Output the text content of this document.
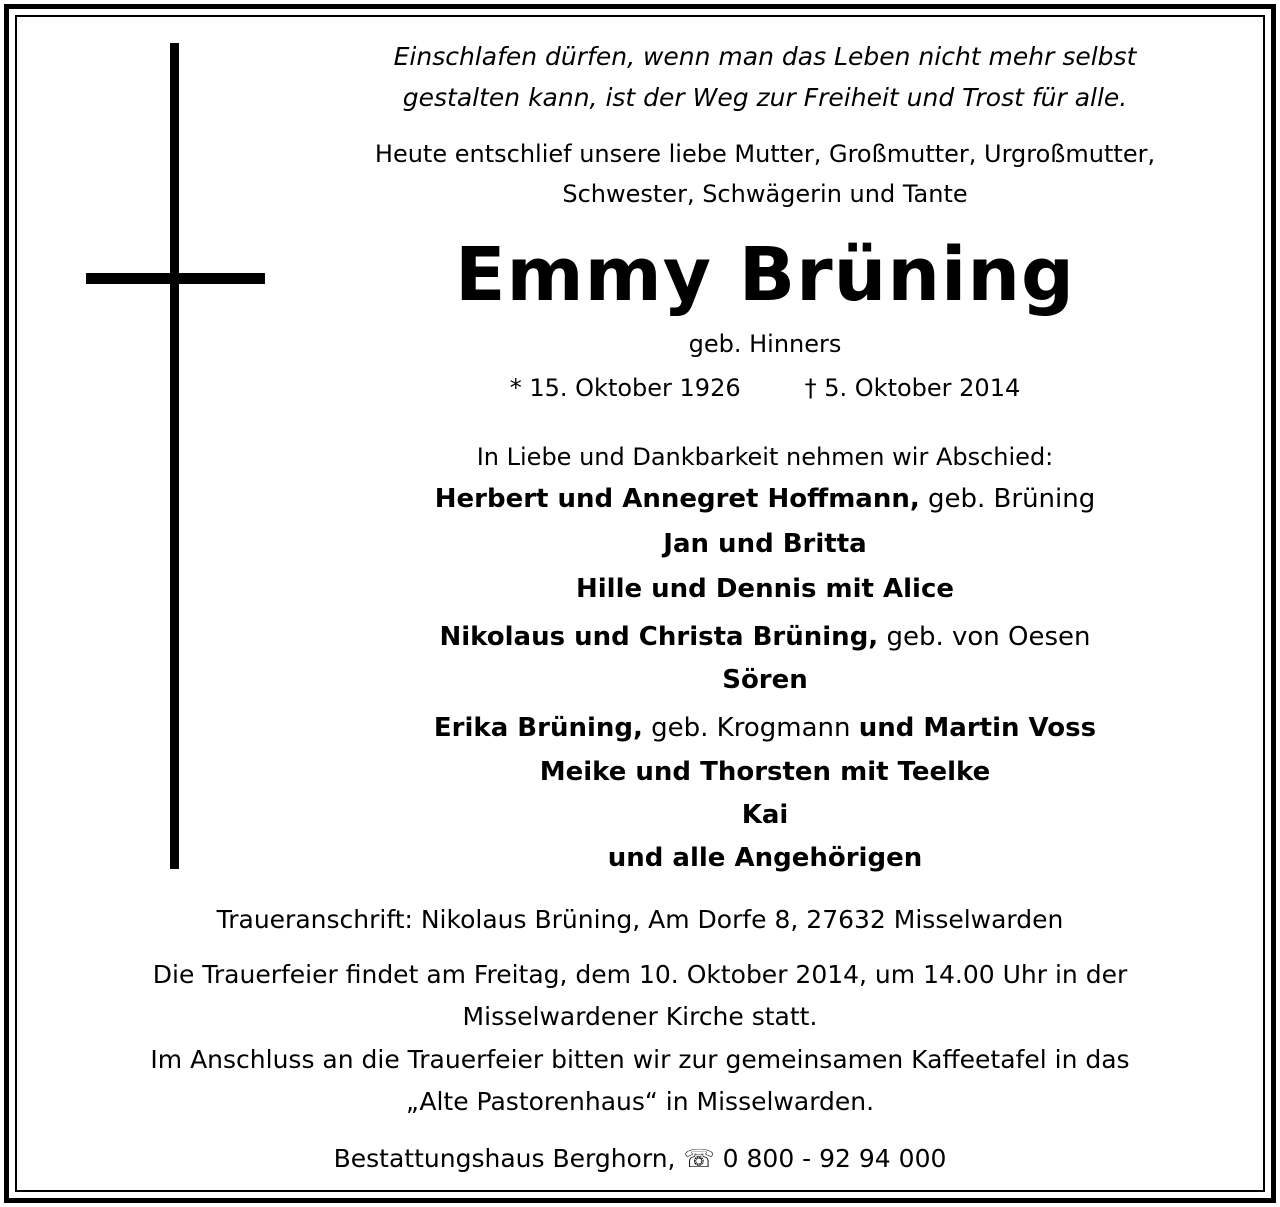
Einschlafen dürfen, wenn man das Leben nicht mehr selbst
gestalten kann, ist der Weg zur Freiheit und Trost für alle.
Heute entschlief unsere liebe Mutter, Großmutter, Urgroßmutter,
Schwester, Schwägerin und Tante
Emmy Brüning
geb. Hinners
* 15. Oktober 1926	† 5. Oktober 2014
In Liebe und Dankbarkeit nehmen wir Abschied:
Herbert und Annegret Hoffmann, geb. Brüning
Jan und Britta
Hille und Dennis mit Alice
Nikolaus und Christa Brüning, geb. von Oesen
Sören
Erika Brüning, geb. Krogmann und Martin Voss
Meike und Thorsten mit Teelke
Kai
und alle Angehörigen
Traueranschrift: Nikolaus Brüning, Am Dorfe 8, 27632 Misselwarden
Die Trauerfeier findet am Freitag, dem 10. Oktober 2014, um 14.00 Uhr in der
Misselwardener Kirche statt.
Im Anschluss an die Trauerfeier bitten wir zur gemeinsamen Kaffeetafel in das
„Alte Pastorenhaus“ in Misselwarden.
Bestattungshaus Berghorn, ☏ 0 800 - 92 94 000
